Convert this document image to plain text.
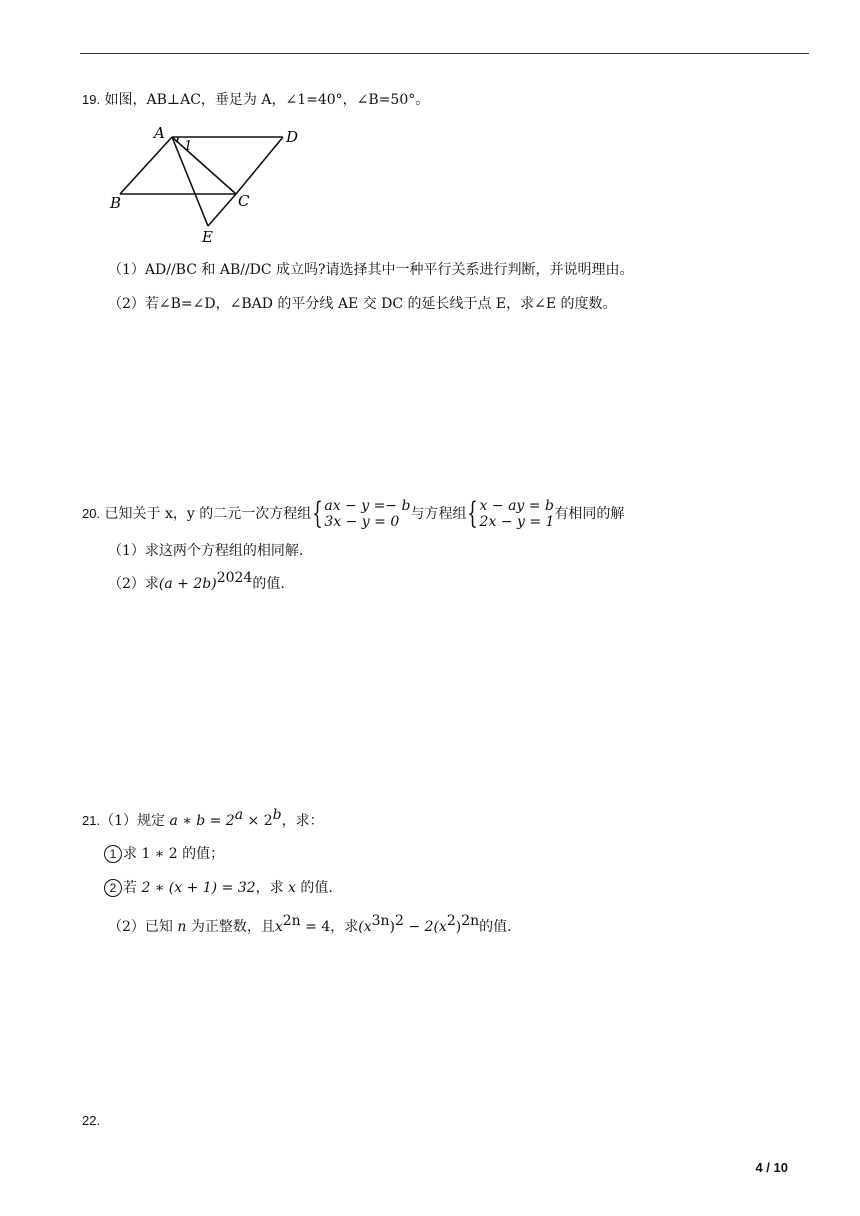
19. 如图，AB⊥AC，垂足为 A，∠1=40°，∠B=50°。
A	D
B	C
E
1
（1）AD//BC 和 AB//DC 成立吗?请选择其中一种平行关系进行判断，并说明理由。
（2）若∠B=∠D，∠BAD 的平分线 AE 交 DC 的延长线于点 E，求∠E 的度数。
20. 已知关于 x，y 的二元一次方程组{ ax − y =− b
3x − y = 0 与方程组{ x − ay = b
2x − y = 1 有相同的解
（1）求这两个方程组的相同解.
（2）求$(a + 2b)^{2024}$的值.
21.（1）规定 a ∗ $b = 2^a \times 2^b$，求：
1 求 1 ∗ 2 的值；
2 若 2 ∗ (x + 1) = 32，求 x 的值.
（2）已知 n 为正整数，且$x^{2n} = 4$，求$(x^{3n})^2 - 2(x^2)^{2n}$的值.
22.
4 / 10
